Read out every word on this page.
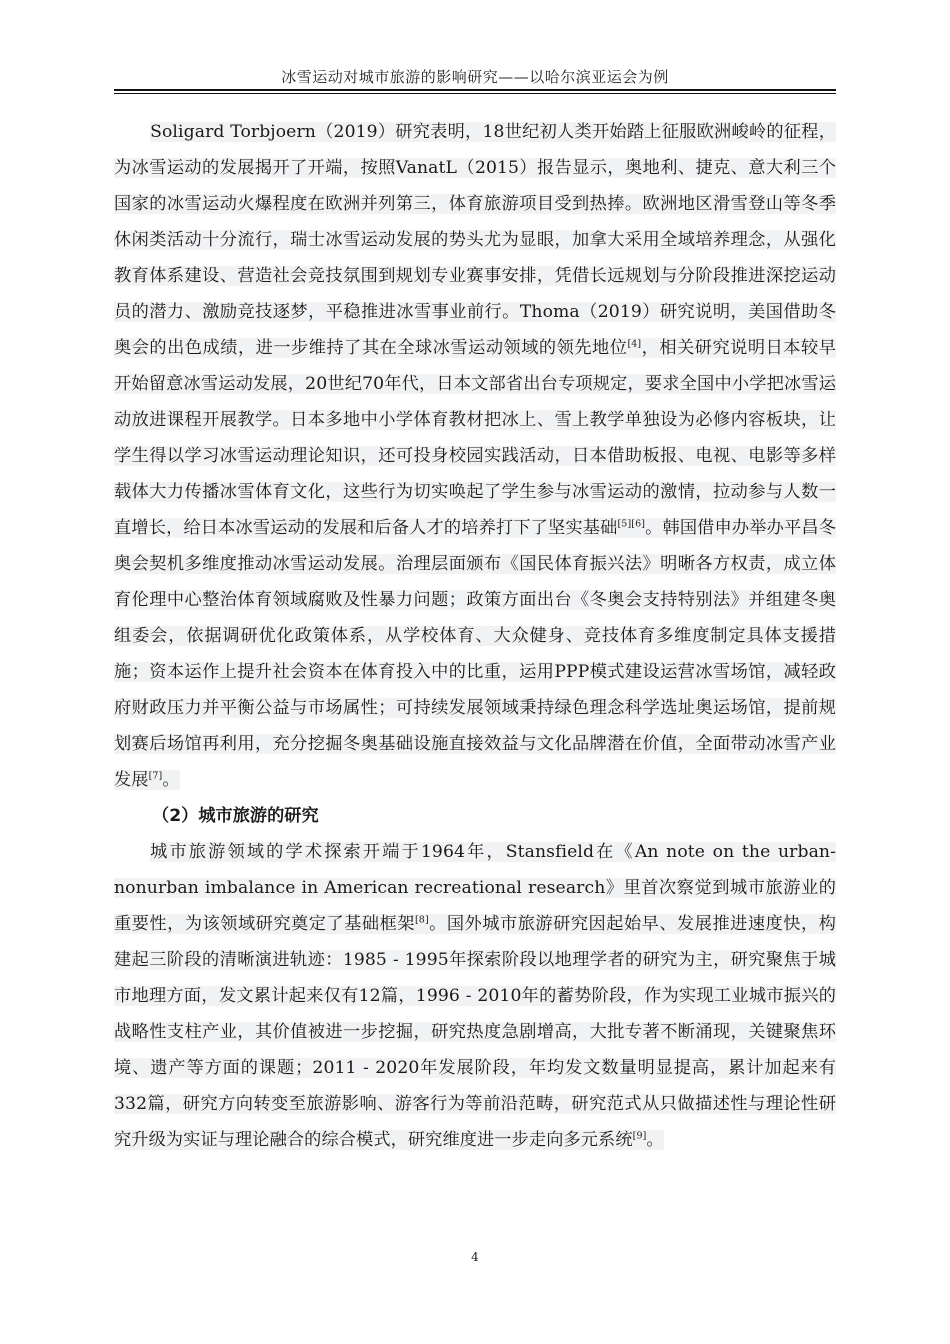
冰雪运动对城市旅游的影响研究——以哈尔滨亚运会为例

Soligard Torbjoern（2019）研究表明，18世纪初人类开始踏上征服欧洲峻岭的征程，为冰雪运动的发展揭开了开端，按照VanatL（2015）报告显示，奥地利、捷克、意大利三个国家的冰雪运动火爆程度在欧洲并列第三，体育旅游项目受到热捧。欧洲地区滑雪登山等冬季休闲类活动十分流行，瑞士冰雪运动发展的势头尤为显眼，加拿大采用全域培养理念，从强化教育体系建设、营造社会竞技氛围到规划专业赛事安排，凭借长远规划与分阶段推进深挖运动员的潜力、激励竞技逐梦，平稳推进冰雪事业前行。Thoma（2019）研究说明，美国借助冬奥会的出色成绩，进一步维持了其在全球冰雪运动领域的领先地位[4]，相关研究说明日本较早开始留意冰雪运动发展，20世纪70年代，日本文部省出台专项规定，要求全国中小学把冰雪运动放进课程开展教学。日本多地中小学体育教材把冰上、雪上教学单独设为必修内容板块，让学生得以学习冰雪运动理论知识，还可投身校园实践活动，日本借助板报、电视、电影等多样载体大力传播冰雪体育文化，这些行为切实唤起了学生参与冰雪运动的激情，拉动参与人数一直增长，给日本冰雪运动的发展和后备人才的培养打下了坚实基础[5][6]。韩国借申办举办平昌冬奥会契机多维度推动冰雪运动发展。治理层面颁布《国民体育振兴法》明晰各方权责，成立体育伦理中心整治体育领域腐败及性暴力问题；政策方面出台《冬奥会支持特别法》并组建冬奥组委会，依据调研优化政策体系，从学校体育、大众健身、竞技体育多维度制定具体支援措施；资本运作上提升社会资本在体育投入中的比重，运用PPP模式建设运营冰雪场馆，减轻政府财政压力并平衡公益与市场属性；可持续发展领域秉持绿色理念科学选址奥运场馆，提前规划赛后场馆再利用，充分挖掘冬奥基础设施直接效益与文化品牌潜在价值，全面带动冰雪产业发展[7]。

（2）城市旅游的研究

城市旅游领域的学术探索开端于1964年，Stansfield在《An note on the urban-nonurban imbalance in American recreational research》里首次察觉到城市旅游业的重要性，为该领域研究奠定了基础框架[8]。国外城市旅游研究因起始早、发展推进速度快，构建起三阶段的清晰演进轨迹：1985 - 1995年探索阶段以地理学者的研究为主，研究聚焦于城市地理方面，发文累计起来仅有12篇，1996 - 2010年的蓄势阶段，作为实现工业城市振兴的战略性支柱产业，其价值被进一步挖掘，研究热度急剧增高，大批专著不断涌现，关键聚焦环境、遗产等方面的课题；2011 - 2020年发展阶段，年均发文数量明显提高，累计加起来有332篇，研究方向转变至旅游影响、游客行为等前沿范畴，研究范式从只做描述性与理论性研究升级为实证与理论融合的综合模式，研究维度进一步走向多元系统[9]。

4
